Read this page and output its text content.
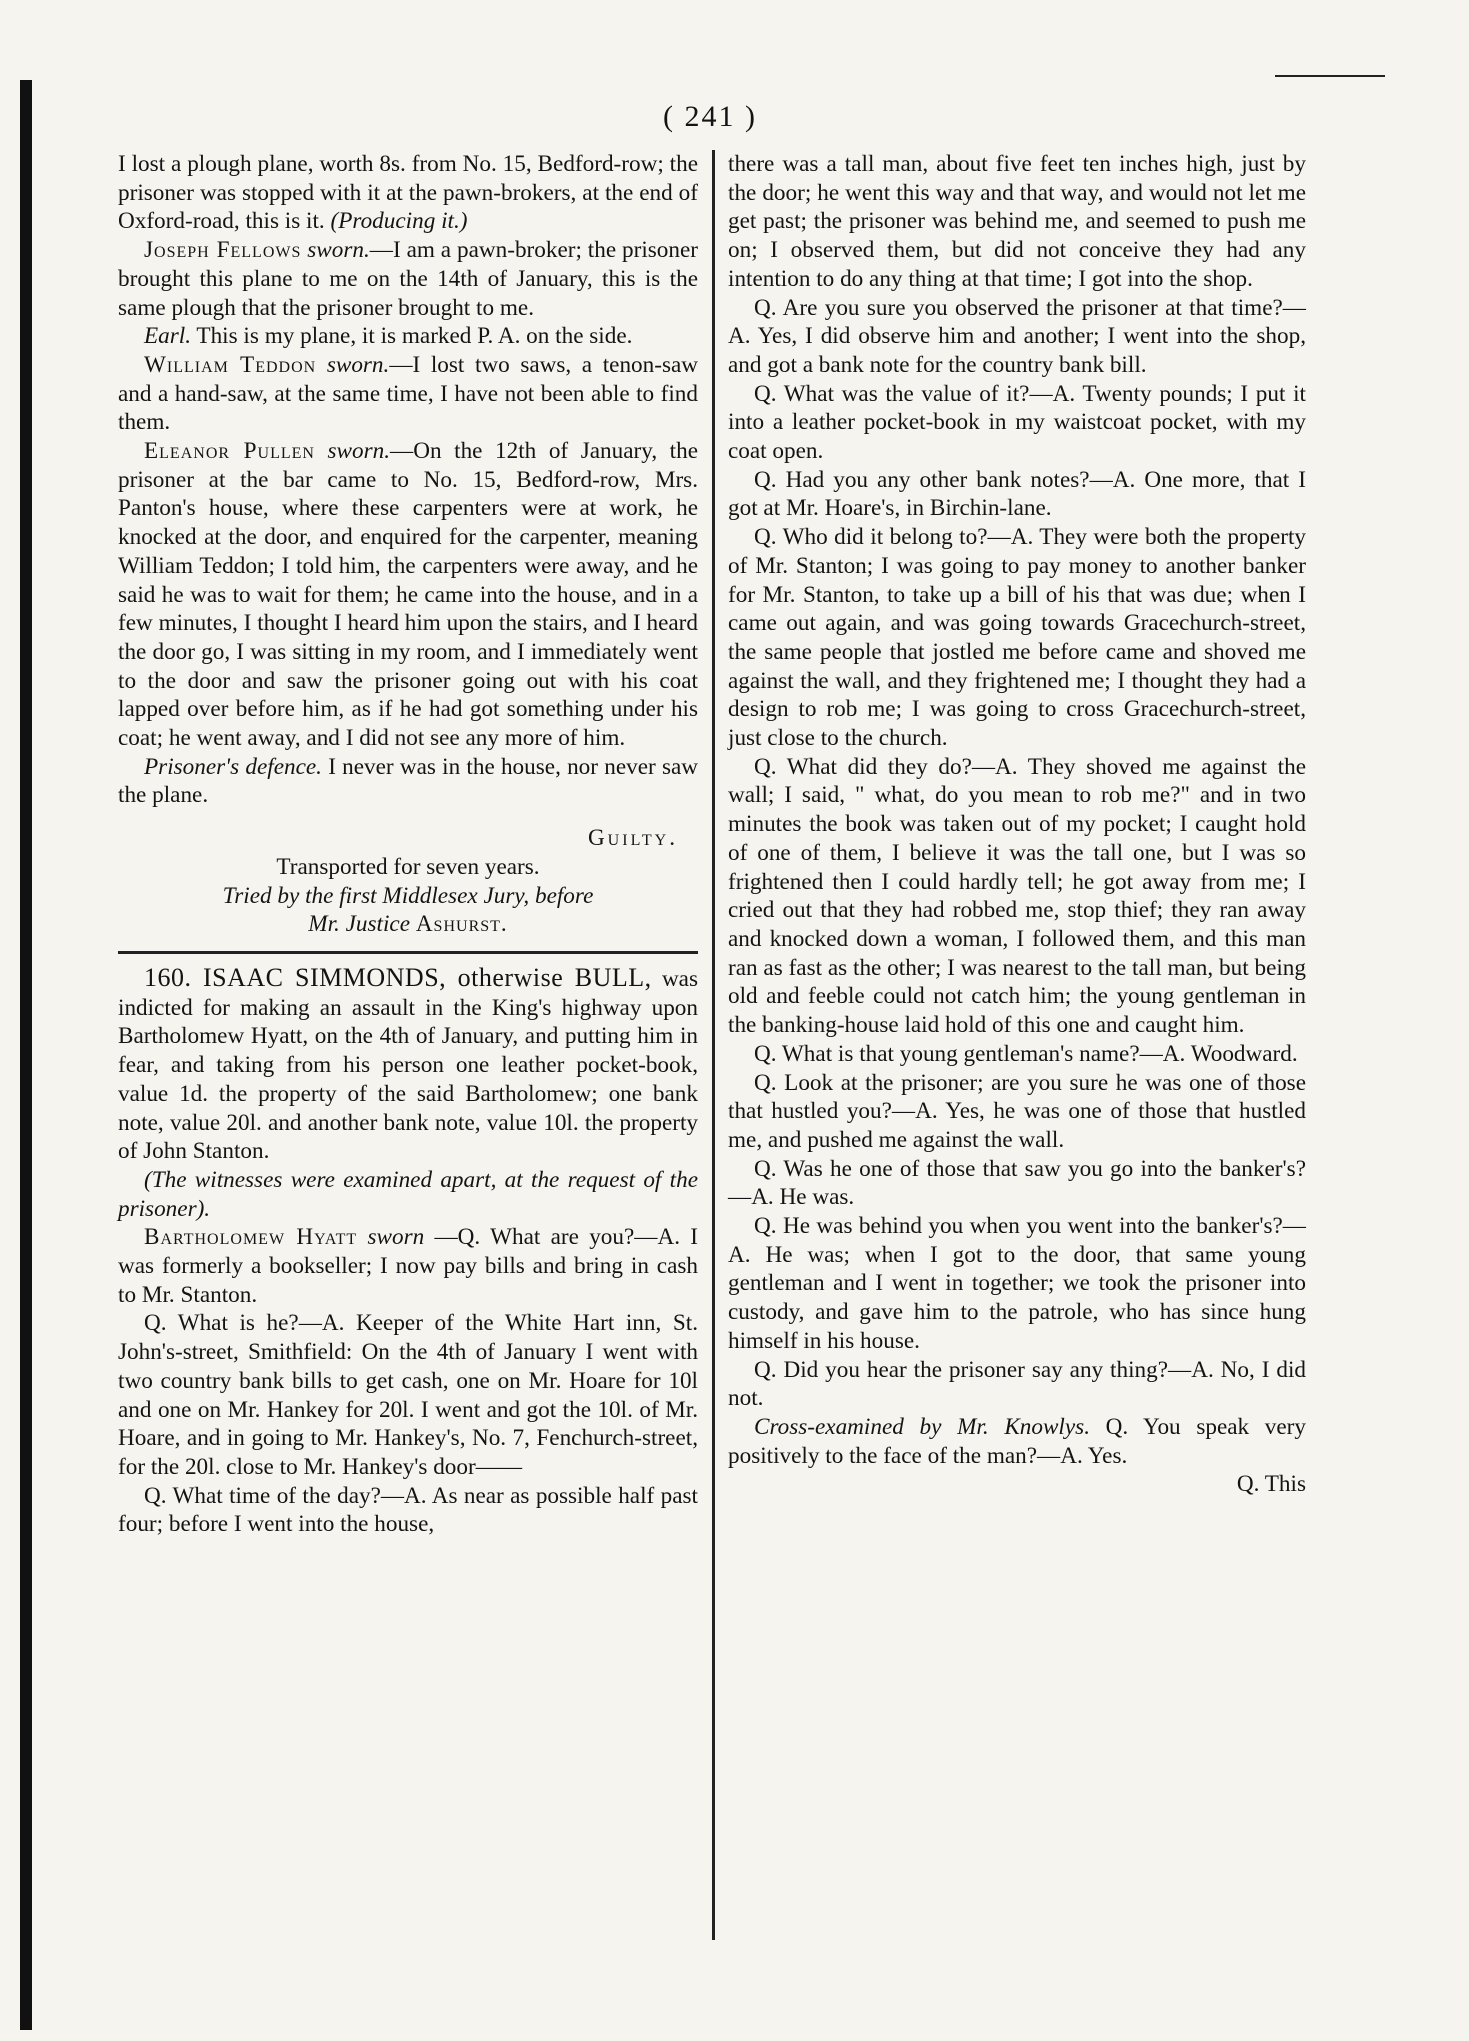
( 241 )

I lost a plough plane, worth 8s. from No. 15, Bedford-row; the prisoner was stopped with it at the pawn-brokers, at the end of Oxford-road, this is it. (Producing it.)

Joseph Fellows sworn.—I am a pawn-broker; the prisoner brought this plane to me on the 14th of January, this is the same plough that the prisoner brought to me.

Earl. This is my plane, it is marked P. A. on the side.

William Teddon sworn.—I lost two saws, a tenon-saw and a hand-saw, at the same time, I have not been able to find them.

Eleanor Pullen sworn.—On the 12th of January, the prisoner at the bar came to No. 15, Bedford-row, Mrs. Panton's house, where these carpenters were at work, he knocked at the door, and enquired for the carpenter, meaning William Teddon; I told him, the carpenters were away, and he said he was to wait for them; he came into the house, and in a few minutes, I thought I heard him upon the stairs, and I heard the door go, I was sitting in my room, and I immediately went to the door and saw the prisoner going out with his coat lapped over before him, as if he had got something under his coat; he went away, and I did not see any more of him.

Prisoner's defence. I never was in the house, nor never saw the plane.

Guilty.

Transported for seven years.

Tried by the first Middlesex Jury, before

Mr. Justice Ashurst.

160. ISAAC SIMMONDS, otherwise BULL, was indicted for making an assault in the King's highway upon Bartholomew Hyatt, on the 4th of January, and putting him in fear, and taking from his person one leather pocket-book, value 1d. the property of the said Bartholomew; one bank note, value 20l. and another bank note, value 10l. the property of John Stanton.

(The witnesses were examined apart, at the request of the prisoner).

Bartholomew Hyatt sworn —Q. What are you?—A. I was formerly a bookseller; I now pay bills and bring in cash to Mr. Stanton.

Q. What is he?—A. Keeper of the White Hart inn, St. John's-street, Smithfield: On the 4th of January I went with two country bank bills to get cash, one on Mr. Hoare for 10l and one on Mr. Hankey for 20l. I went and got the 10l. of Mr. Hoare, and in going to Mr. Hankey's, No. 7, Fenchurch-street, for the 20l. close to Mr. Hankey's door——

Q. What time of the day?—A. As near as possible half past four; before I went into the house,

there was a tall man, about five feet ten inches high, just by the door; he went this way and that way, and would not let me get past; the prisoner was behind me, and seemed to push me on; I observed them, but did not conceive they had any intention to do any thing at that time; I got into the shop.

Q. Are you sure you observed the prisoner at that time?—A. Yes, I did observe him and another; I went into the shop, and got a bank note for the country bank bill.

Q. What was the value of it?—A. Twenty pounds; I put it into a leather pocket-book in my waistcoat pocket, with my coat open.

Q. Had you any other bank notes?—A. One more, that I got at Mr. Hoare's, in Birchin-lane.

Q. Who did it belong to?—A. They were both the property of Mr. Stanton; I was going to pay money to another banker for Mr. Stanton, to take up a bill of his that was due; when I came out again, and was going towards Gracechurch-street, the same people that jostled me before came and shoved me against the wall, and they frightened me; I thought they had a design to rob me; I was going to cross Gracechurch-street, just close to the church.

Q. What did they do?—A. They shoved me against the wall; I said, " what, do you mean to rob me?" and in two minutes the book was taken out of my pocket; I caught hold of one of them, I believe it was the tall one, but I was so frightened then I could hardly tell; he got away from me; I cried out that they had robbed me, stop thief; they ran away and knocked down a woman, I followed them, and this man ran as fast as the other; I was nearest to the tall man, but being old and feeble could not catch him; the young gentleman in the banking-house laid hold of this one and caught him.

Q. What is that young gentleman's name?—A. Woodward.

Q. Look at the prisoner; are you sure he was one of those that hustled you?—A. Yes, he was one of those that hustled me, and pushed me against the wall.

Q. Was he one of those that saw you go into the banker's?—A. He was.

Q. He was behind you when you went into the banker's?—A. He was; when I got to the door, that same young gentleman and I went in together; we took the prisoner into custody, and gave him to the patrole, who has since hung himself in his house.

Q. Did you hear the prisoner say any thing?—A. No, I did not.

Cross-examined by Mr. Knowlys. Q. You speak very positively to the face of the man?—A. Yes.

Q. This
